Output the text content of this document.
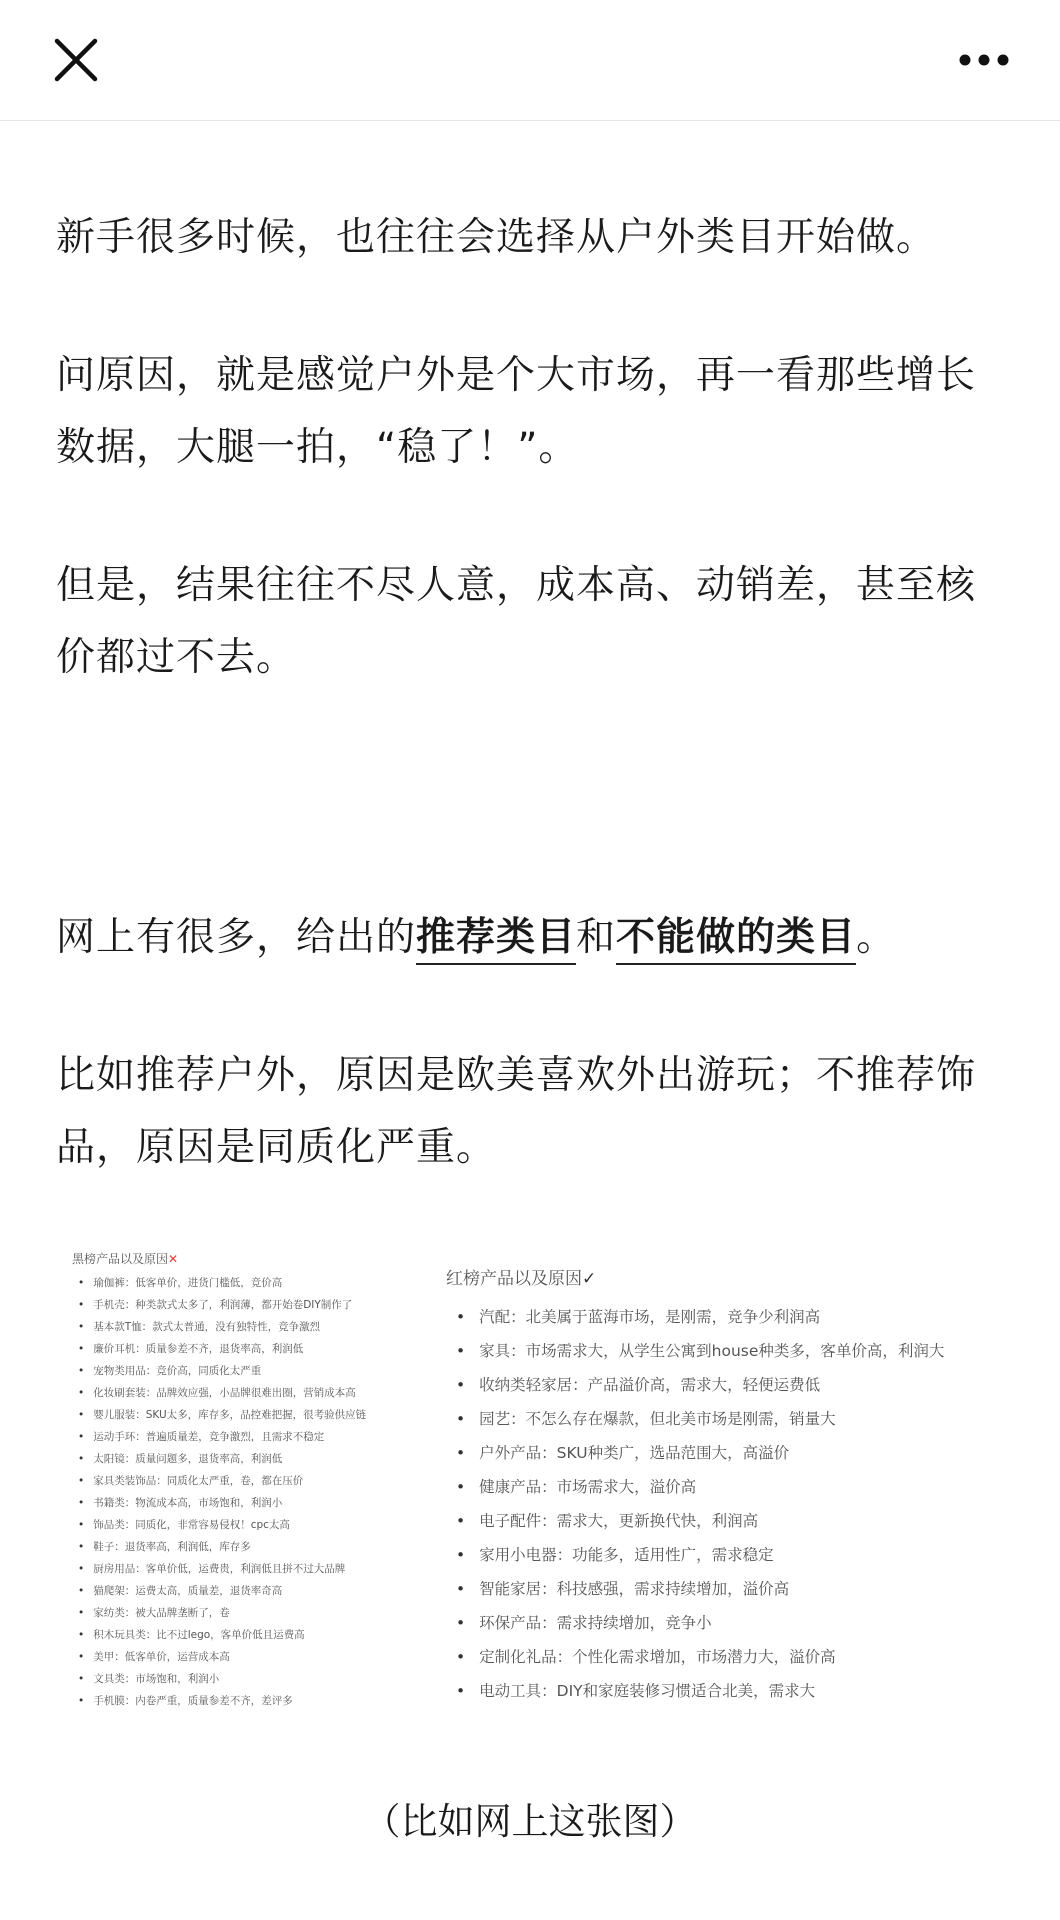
新手很多时候，也往往会选择从户外类目开始做。

问原因，就是感觉户外是个大市场，再一看那些增长数据，大腿一拍，“稳了！”。

但是，结果往往不尽人意，成本高、动销差，甚至核价都过不去。

网上有很多，给出的推荐类目和不能做的类目。

比如推荐户外，原因是欧美喜欢外出游玩；不推荐饰品，原因是同质化严重。

黑榜产品以及原因✕
• 瑜伽裤：低客单价，进货门槛低，竞价高
• 手机壳：种类款式太多了，利润薄，都开始卷DIY制作了
• 基本款T恤：款式太普通，没有独特性，竞争激烈
• 廉价耳机：质量参差不齐，退货率高，利润低
• 宠物类用品：竞价高，同质化太严重
• 化妆刷套装：品牌效应强，小品牌很难出圈，营销成本高
• 婴儿服装：SKU太多，库存多，品控难把握，很考验供应链
• 运动手环：普遍质量差，竞争激烈，且需求不稳定
• 太阳镜：质量问题多，退货率高，利润低
• 家具类装饰品：同质化太严重，卷，都在压价
• 书籍类：物流成本高，市场饱和，利润小
• 饰品类：同质化，非常容易侵权！cpc太高
• 鞋子：退货率高，利润低，库存多
• 厨房用品：客单价低，运费贵，利润低且拼不过大品牌
• 猫爬架：运费太高，质量差，退货率奇高
• 家纺类：被大品牌垄断了，卷
• 积木玩具类：比不过lego，客单价低且运费高
• 美甲：低客单价，运营成本高
• 文具类：市场饱和，利润小
• 手机膜：内卷严重，质量参差不齐，差评多
红榜产品以及原因✓
• 汽配：北美属于蓝海市场，是刚需，竞争少利润高
• 家具：市场需求大，从学生公寓到house种类多，客单价高，利润大
• 收纳类轻家居：产品溢价高，需求大，轻便运费低
• 园艺：不怎么存在爆款，但北美市场是刚需，销量大
• 户外产品：SKU种类广，选品范围大，高溢价
• 健康产品：市场需求大，溢价高
• 电子配件：需求大，更新换代快，利润高
• 家用小电器：功能多，适用性广，需求稳定
• 智能家居：科技感强，需求持续增加，溢价高
• 环保产品：需求持续增加，竞争小
• 定制化礼品：个性化需求增加，市场潜力大，溢价高
• 电动工具：DIY和家庭装修习惯适合北美，需求大
（比如网上这张图）
